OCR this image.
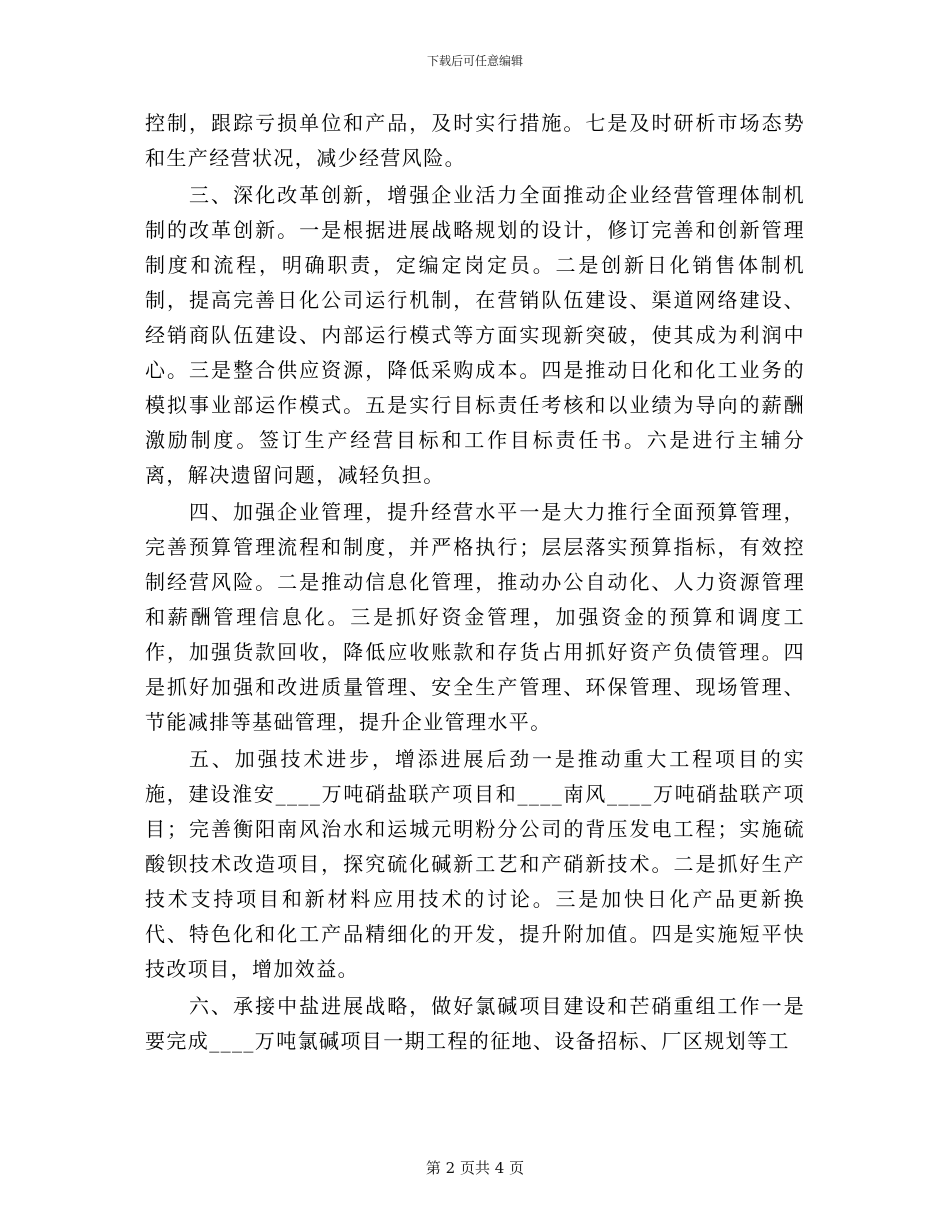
下载后可任意编辑

控制，跟踪亏损单位和产品，及时实行措施。七是及时研析市场态势和生产经营状况，减少经营风险。

三、深化改革创新，增强企业活力全面推动企业经营管理体制机制的改革创新。一是根据进展战略规划的设计，修订完善和创新管理制度和流程，明确职责，定编定岗定员。二是创新日化销售体制机制，提高完善日化公司运行机制，在营销队伍建设、渠道网络建设、经销商队伍建设、内部运行模式等方面实现新突破，使其成为利润中心。三是整合供应资源，降低采购成本。四是推动日化和化工业务的模拟事业部运作模式。五是实行目标责任考核和以业绩为导向的薪酬激励制度。签订生产经营目标和工作目标责任书。六是进行主辅分离，解决遗留问题，减轻负担。

四、加强企业管理，提升经营水平一是大力推行全面预算管理，完善预算管理流程和制度，并严格执行；层层落实预算指标，有效控制经营风险。二是推动信息化管理，推动办公自动化、人力资源管理和薪酬管理信息化。三是抓好资金管理，加强资金的预算和调度工作，加强货款回收，降低应收账款和存货占用抓好资产负债管理。四是抓好加强和改进质量管理、安全生产管理、环保管理、现场管理、节能减排等基础管理，提升企业管理水平。

五、加强技术进步，增添进展后劲一是推动重大工程项目的实施，建设淮安____万吨硝盐联产项目和____南风____万吨硝盐联产项目；完善衡阳南风治水和运城元明粉分公司的背压发电工程；实施硫酸钡技术改造项目，探究硫化碱新工艺和产硝新技术。二是抓好生产技术支持项目和新材料应用技术的讨论。三是加快日化产品更新换代、特色化和化工产品精细化的开发，提升附加值。四是实施短平快技改项目，增加效益。

六、承接中盐进展战略，做好氯碱项目建设和芒硝重组工作一是要完成____万吨氯碱项目一期工程的征地、设备招标、厂区规划等工

第 2 页共 4 页
